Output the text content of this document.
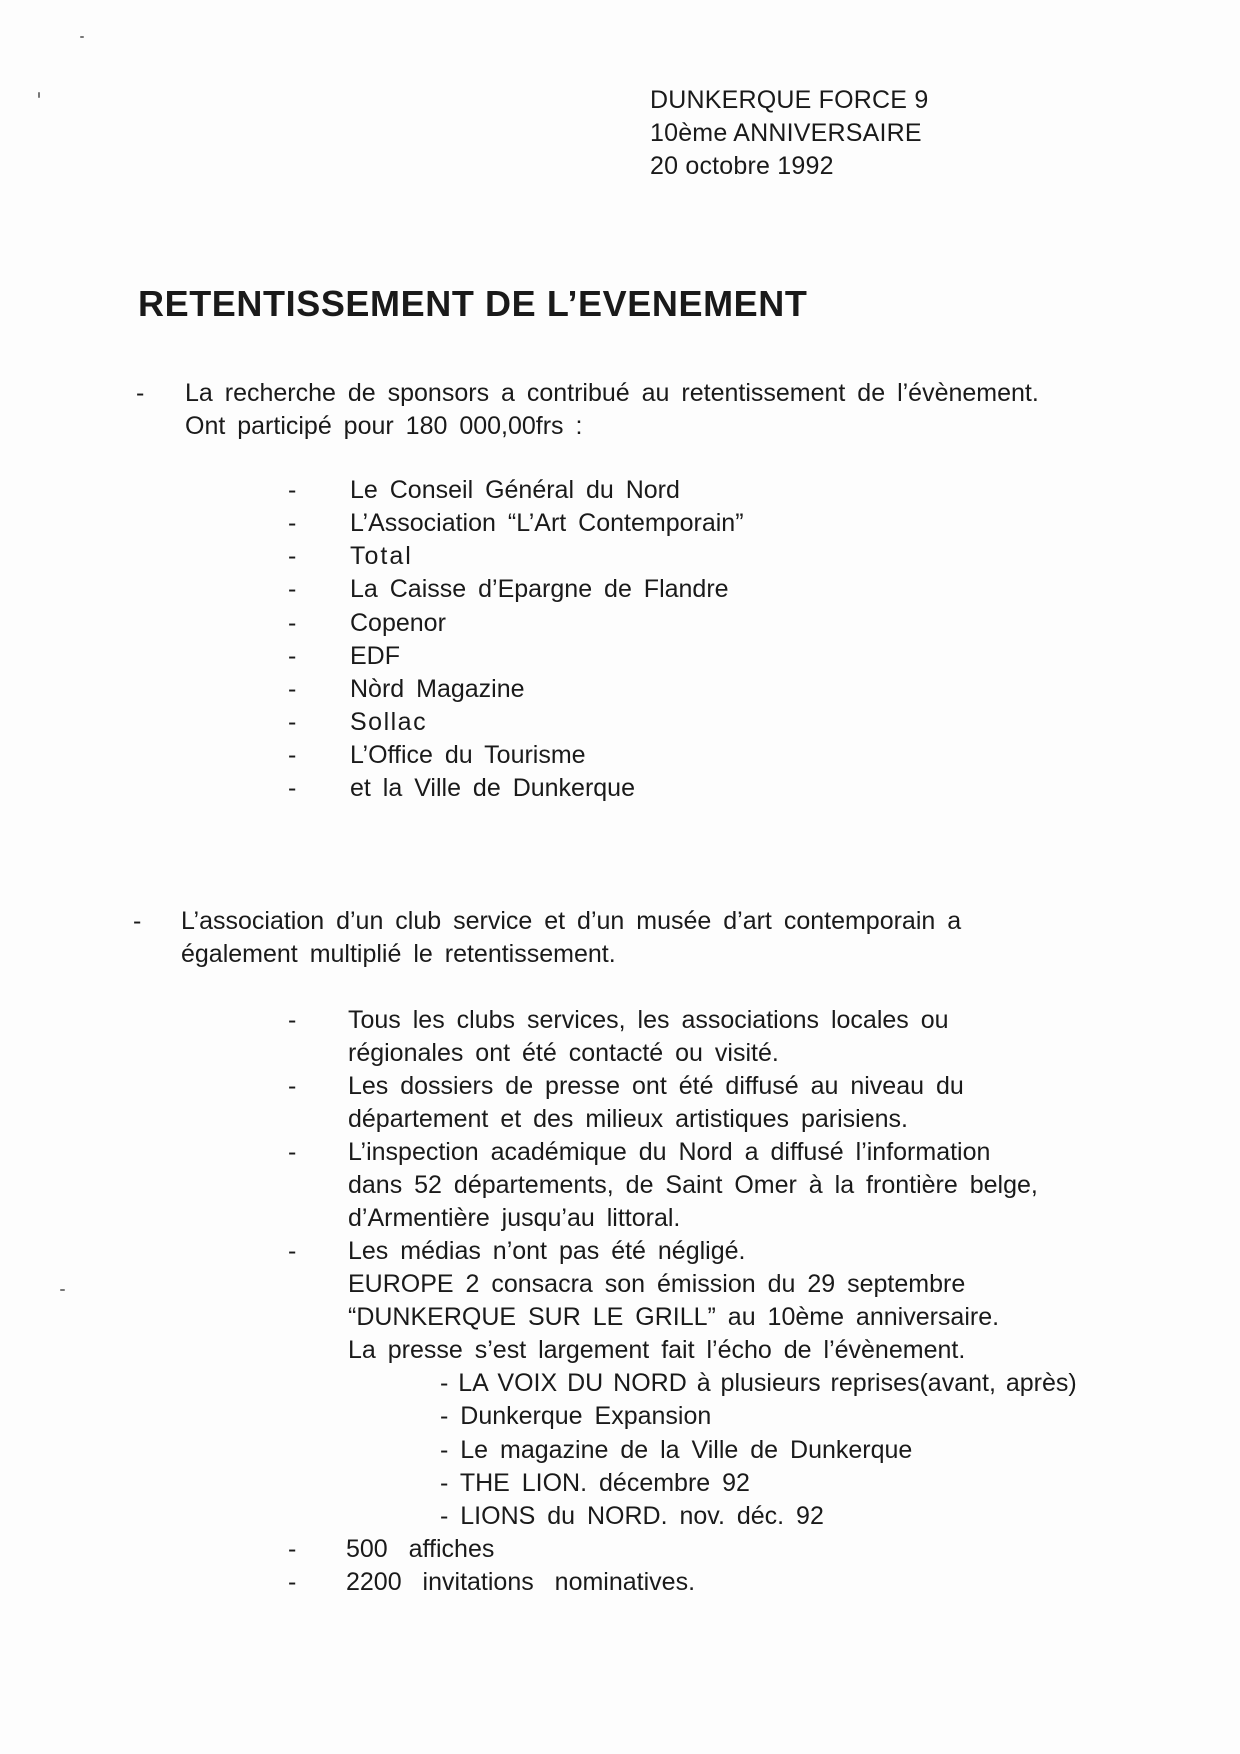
DUNKERQUE FORCE 9
10ème ANNIVERSAIRE
20 octobre 1992
RETENTISSEMENT DE L’EVENEMENT
- La recherche de sponsors a contribué au retentissement de l’évènement.
Ont participé pour 180 000,00frs :
- Le Conseil Général du Nord
- L’Association “L’Art Contemporain”
- Total
- La Caisse d’Epargne de Flandre
- Copenor
- EDF
- Nòrd Magazine
- Sollac
- L’Office du Tourisme
- et la Ville de Dunkerque
- L’association d’un club service et d’un musée d’art contemporain a
également multiplié le retentissement.
- Tous les clubs services, les associations locales ou
régionales ont été contacté ou visité.
- Les dossiers de presse ont été diffusé au niveau du
département et des milieux artistiques parisiens.
- L’inspection académique du Nord a diffusé l’information
dans 52 départements, de Saint Omer à la frontière belge,
d’Armentière jusqu’au littoral.
- Les médias n’ont pas été négligé.
EUROPE 2 consacra son émission du 29 septembre
“DUNKERQUE SUR LE GRILL” au 10ème anniversaire.
La presse s’est largement fait l’écho de l’évènement.
- LA VOIX DU NORD à plusieurs reprises(avant, après)
- Dunkerque Expansion
- Le magazine de la Ville de Dunkerque
- THE LION. décembre 92
- LIONS du NORD. nov. déc. 92
- 500 affiches
- 2200 invitations nominatives.
